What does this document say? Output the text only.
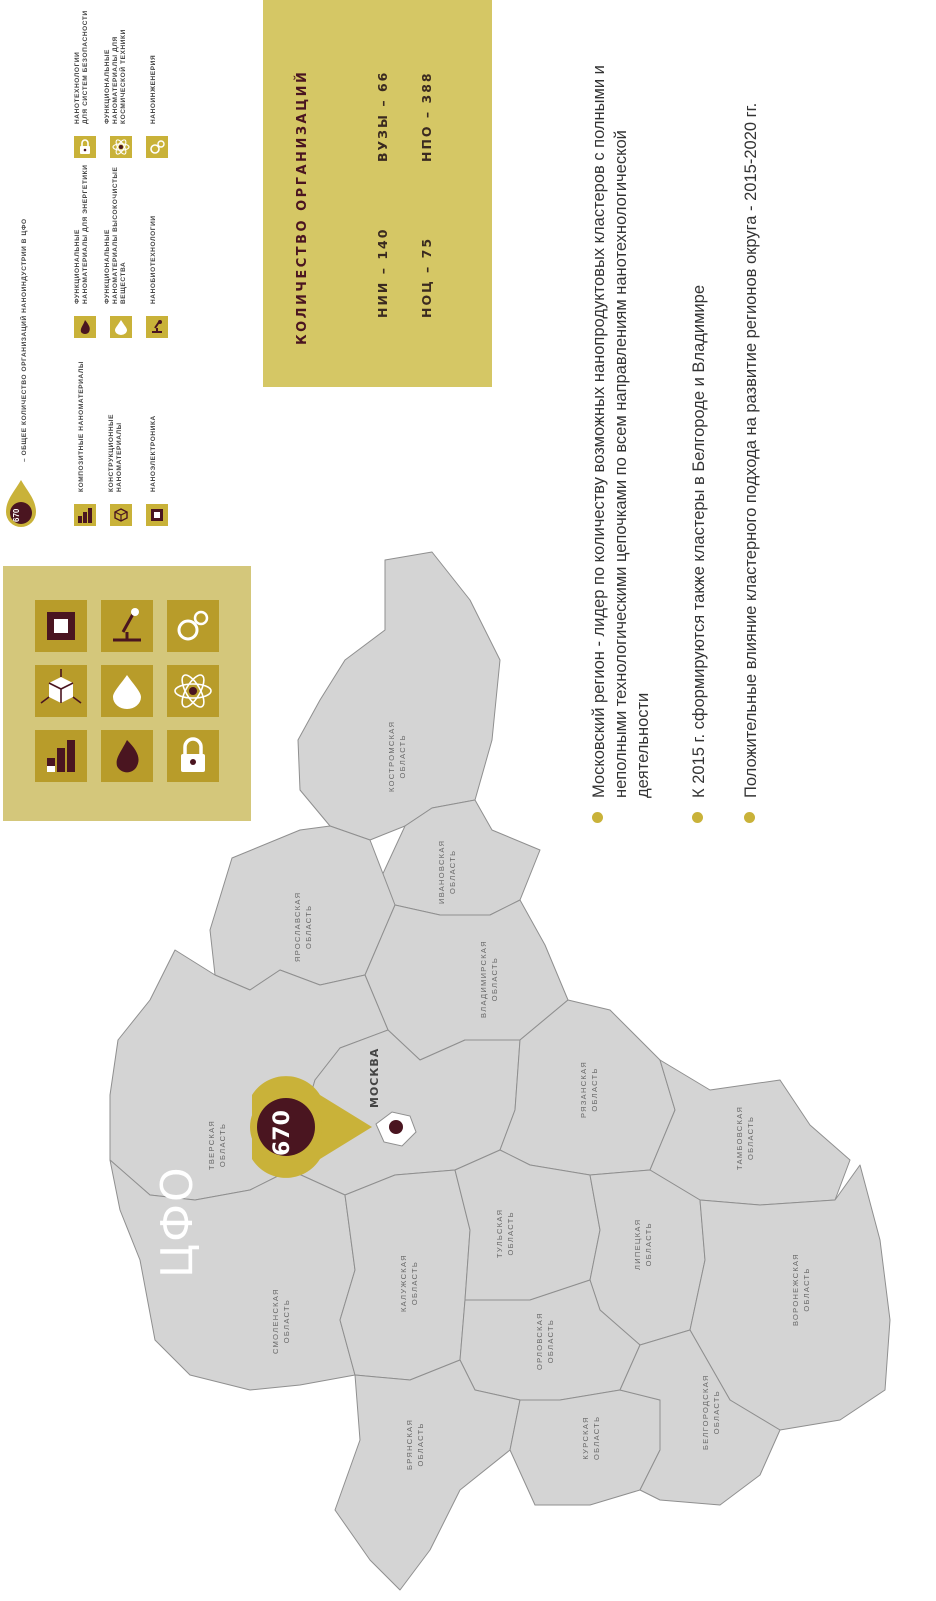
670
– ОБЩЕЕ КОЛИЧЕСТВО ОРГАНИЗАЦИЙ НАНОИНДУСТРИИ В ЦФО	КОМПОЗИТНЫЕ НАНОМАТЕРИАЛЫ	КОНСТРУКЦИОННЫЕ
НАНОМАТЕРИАЛЫ	НАНОЭЛЕКТРОНИКА
ФУНКЦИОНАЛЬНЫЕ
НАНОМАТЕРИАЛЫ ДЛЯ ЭНЕРГЕТИКИ
ФУНКЦИОНАЛЬНЫЕ
НАНОМАТЕРИАЛЫ ВЫСОКОЧИСТЫЕ
ВЕЩЕСТВА	НАНОБИОТЕХНОЛОГИИ
НАНОТЕХНОЛОГИИ
ДЛЯ СИСТЕМ БЕЗОПАСНОСТИ
ФУНКЦИОНАЛЬНЫЕ
НАНОМАТЕРИАЛЫ ДЛЯ
КОСМИЧЕСКОЙ ТЕХНИКИ
НАНОИНЖЕНЕРИЯ	КОЛИЧЕСТВО ОРГАНИЗАЦИЙ	НИИ – 140
ВУЗЫ – 66
НОЦ – 75
НПО – 388	Московский регион - лидер по количеству возможных нанопродуктовых кластеров с полными и неполными технологическими цепочками по всем направлениям нанотехнологической деятельности К 2015 г. сформируются также кластеры в Белгороде и Владимире Положительные влияние кластерного подхода на развитие регионов округа - 2015-2020 гг.
ЦФО
670
МОСКВА
КОСТРОМСКАЯ
ОБЛАСТЬ
ИВАНОВСКАЯ
ОБЛАСТЬ
ЯРОСЛАВСКАЯ
ОБЛАСТЬ
ВЛАДИМИРСКАЯ
ОБЛАСТЬ
ТВЕРСКАЯ
ОБЛАСТЬ
РЯЗАНСКАЯ
ОБЛАСТЬ
ТАМБОВСКАЯ
ОБЛАСТЬ
ТУЛЬСКАЯ
ОБЛАСТЬ
КАЛУЖСКАЯ
ОБЛАСТЬ
СМОЛЕНСКАЯ
ОБЛАСТЬ
ЛИПЕЦКАЯ
ОБЛАСТЬ
ВОРОНЕЖСКАЯ
ОБЛАСТЬ
ОРЛОВСКАЯ
ОБЛАСТЬ
КУРСКАЯ
ОБЛАСТЬ	БЕЛГОРОДСКАЯ
ОБЛАСТЬ
БРЯНСКАЯ
ОБЛАСТЬ
